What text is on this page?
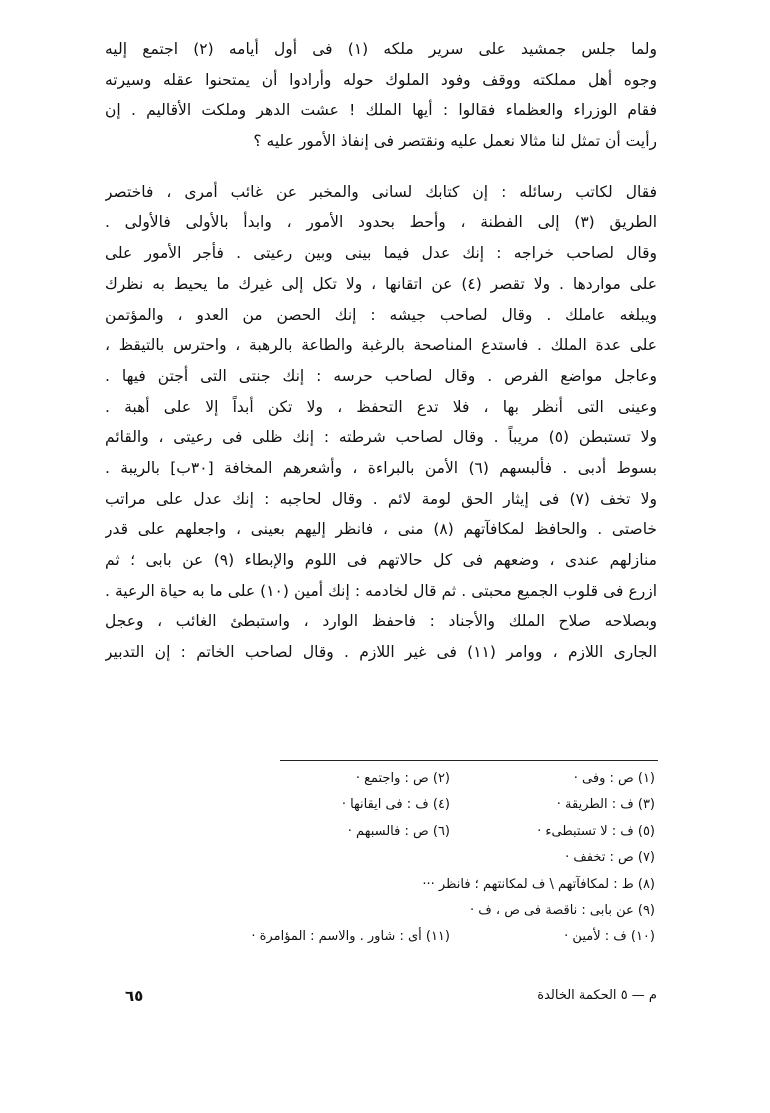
ولما جلس جمشيد على سرير ملكه (١) فى أول أيامه (٢) اجتمع إليه
وجوه أهل مملكته ووقف وفود الملوك حوله وأرادوا أن يمتحنوا عقله وسيرته
فقام الوزراء والعظماء فقالوا : أيها الملك ! عشت الدهر وملكت الأقاليم . إن
رأيت أن تمثل لنا مثالا نعمل عليه ونقتصر فى إنفاذ الأمور عليه ؟
فقال لكاتب رسائله : إن كتابك لسانى والمخبر عن غائب أمرى ، فاختصر
الطريق (٣) إلى الفطنة ، وأحط بحدود الأمور ، وابدأ بالأولى فالأولى .
وقال لصاحب خراجه : إنك عدل فيما بينى وبين رعيتى . فأجر الأمور على
على مواردها . ولا تقصر (٤) عن اتقانها ، ولا تكل إلى غيرك ما يحيط به نظرك
ويبلغه عاملك . وقال لصاحب جيشه : إنك الحصن من العدو ، والمؤتمن
على عدة الملك . فاستدع المناصحة بالرغبة والطاعة بالرهبة ، واحترس بالتيقظ ،
وعاجل مواضع الفرص . وقال لصاحب حرسه : إنك جنتى التى أجتن فيها .
وعينى التى أنظر بها ، فلا تدع التحفظ ، ولا تكن أبداً إلا على أهبة .
ولا تستبطن (٥) مريباً . وقال لصاحب شرطته : إنك ظلى فى رعيتى ، والقائم
بسوط أدبى . فألبسهم (٦) الأمن بالبراءة ، وأشعرهم المخافة [٣٠ب] بالريبة .
ولا تخف (٧) فى إيثار الحق لومة لائم . وقال لحاجبه : إنك عدل على مراتب
خاصتى . والحافظ لمكافآتهم (٨) منى ، فانظر إليهم بعينى ، واجعلهم على قدر
منازلهم عندى ، وضعهم فى كل حالاتهم فى اللوم والإبطاء (٩) عن بابى ؛ ثم
ازرع فى قلوب الجميع محبتى . ثم قال لخادمه : إنك أمين (١٠) على ما به حياة الرعية .
وبصلاحه صلاح الملك والأجناد : فاحفظ الوارد ، واستبطئ الغائب ، وعجل
الجارى اللازم ، ووامر (١١) فى غير اللازم . وقال لصاحب الخاتم : إن التدبير
(١) ص : وفى ·
(٢) ص : واجتمع ·
(٣) ف : الطريقة ·
(٤) ف : فى ايقانها ·
(٥) ف : لا تستبطىء ·
(٦) ص : فالسبهم ·
(٧) ص : تخفف ·
(٨) ط : لمكافآتهم \ ف لمكانتهم ؛ فانظر ···
(٩) عن بابى : ناقصة فى ص ، ف ·
(١٠) ف : لأمين ·
(١١) أى : شاور . والاسم : المؤامرة ·
م — ٥ الحكمة الخالدة
٦٥
